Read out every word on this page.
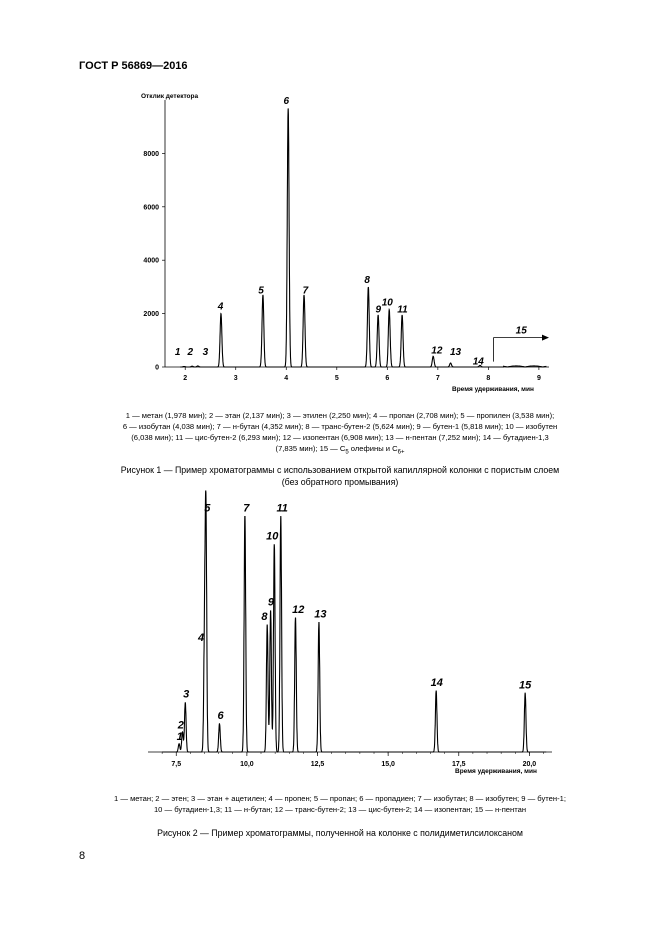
ГОСТ Р 56869—2016
Отклик детектора
0
2000
4000
6000
8000
2	3	4	5	6	7	8	9
1 2 3
4
5
6
7
8
9
10
11
12 13
14
15
Время удерживания, мин
1 — метан (1,978 мин); 2 — этан (2,137 мин); 3 — этилен (2,250 мин); 4 — пропан (2,708 мин); 5 — пропилен (3,538 мин);
6 — изобутан (4,038 мин); 7 — н-бутан (4,352 мин); 8 — транс-бутен-2 (5,624 мин); 9 — бутен-1 (5,818 мин); 10 — изобутен
(6,038 мин); 11 — цис-бутен-2 (6,293 мин); 12 — изопентан (6,908 мин); 13 — н-пентан (7,252 мин); 14 — бутадиен-1,3
(7,835 мин); 15 — $C_5$ олефины и $C_{6+}$
Рисунок 1 — Пример хроматограммы с использованием открытой капиллярной колонки с пористым слоем
(без обратного промывания)
7,5	10,0	12,5	15,0	17,5	20,0
1
2
3
4
5
6
7
8
9
10
11
12 13
14	15
Время удерживания, мин
1 — метан; 2 — этен; 3 — этан + ацетилен; 4 — пропен; 5 — пропан; 6 — пропадиен; 7 — изобутан; 8 — изобутен; 9 — бутен-1;
10 — бутадиен-1,3; 11 — н-бутан; 12 — транс-бутен-2; 13 — цис-бутен-2; 14 — изопентан; 15 — н-пентан
Рисунок 2 — Пример хроматограммы, полученной на колонке с полидиметилсилоксаном
8
